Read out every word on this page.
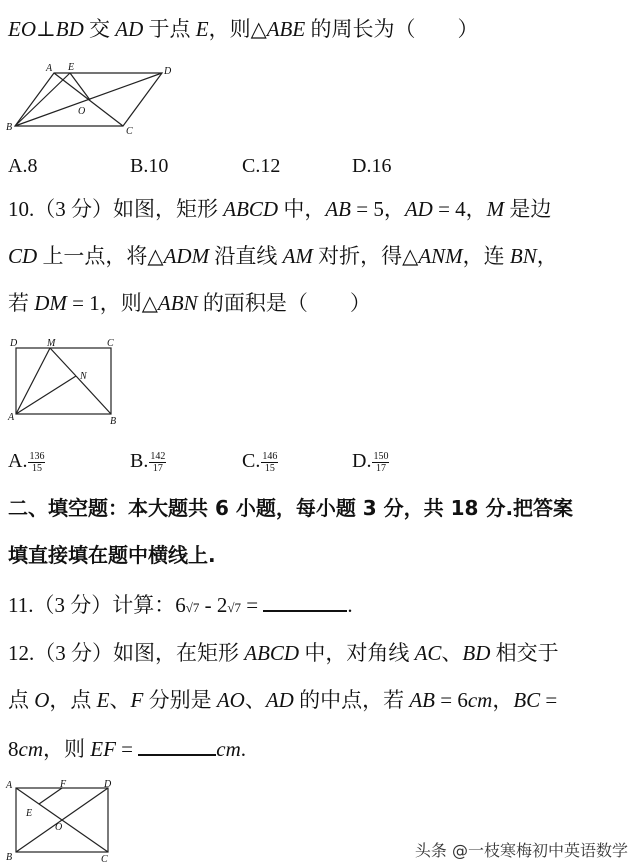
EO⊥BD 交 AD 于点 E，则△ABE 的周长为（　　）
A E	D
O
B	C
A.8	B.10	C.12	D.16
10.（3 分）如图，矩形 ABCD 中，AB = 5，AD = 4，M 是边
CD 上一点，将△ADM 沿直线 AM 对折，得△ANM，连 BN，
若 DM = 1，则△ABN 的面积是（　　）
D	M	C
N
A	B
A. $\frac{136}{15}$	B. $\frac{142}{17}$	C. $\frac{146}{15}$	D. $\frac{150}{17}$
二、填空题：本大题共 6 小题，每小题 3 分，共 18 分.把答案
填直接填在题中横线上.
11.（3 分）计算：6√7 - 2√7 =	.
12.（3 分）如图，在矩形 ABCD 中，对角线 AC、BD 相交于
点 O，点 E、F 分别是 AO、AD 的中点，若 AB = 6cm，BC =
8cm，则 EF =	cm.
A	F	D
E
O
B	C	头条 @一枝寒梅初中英语数学
